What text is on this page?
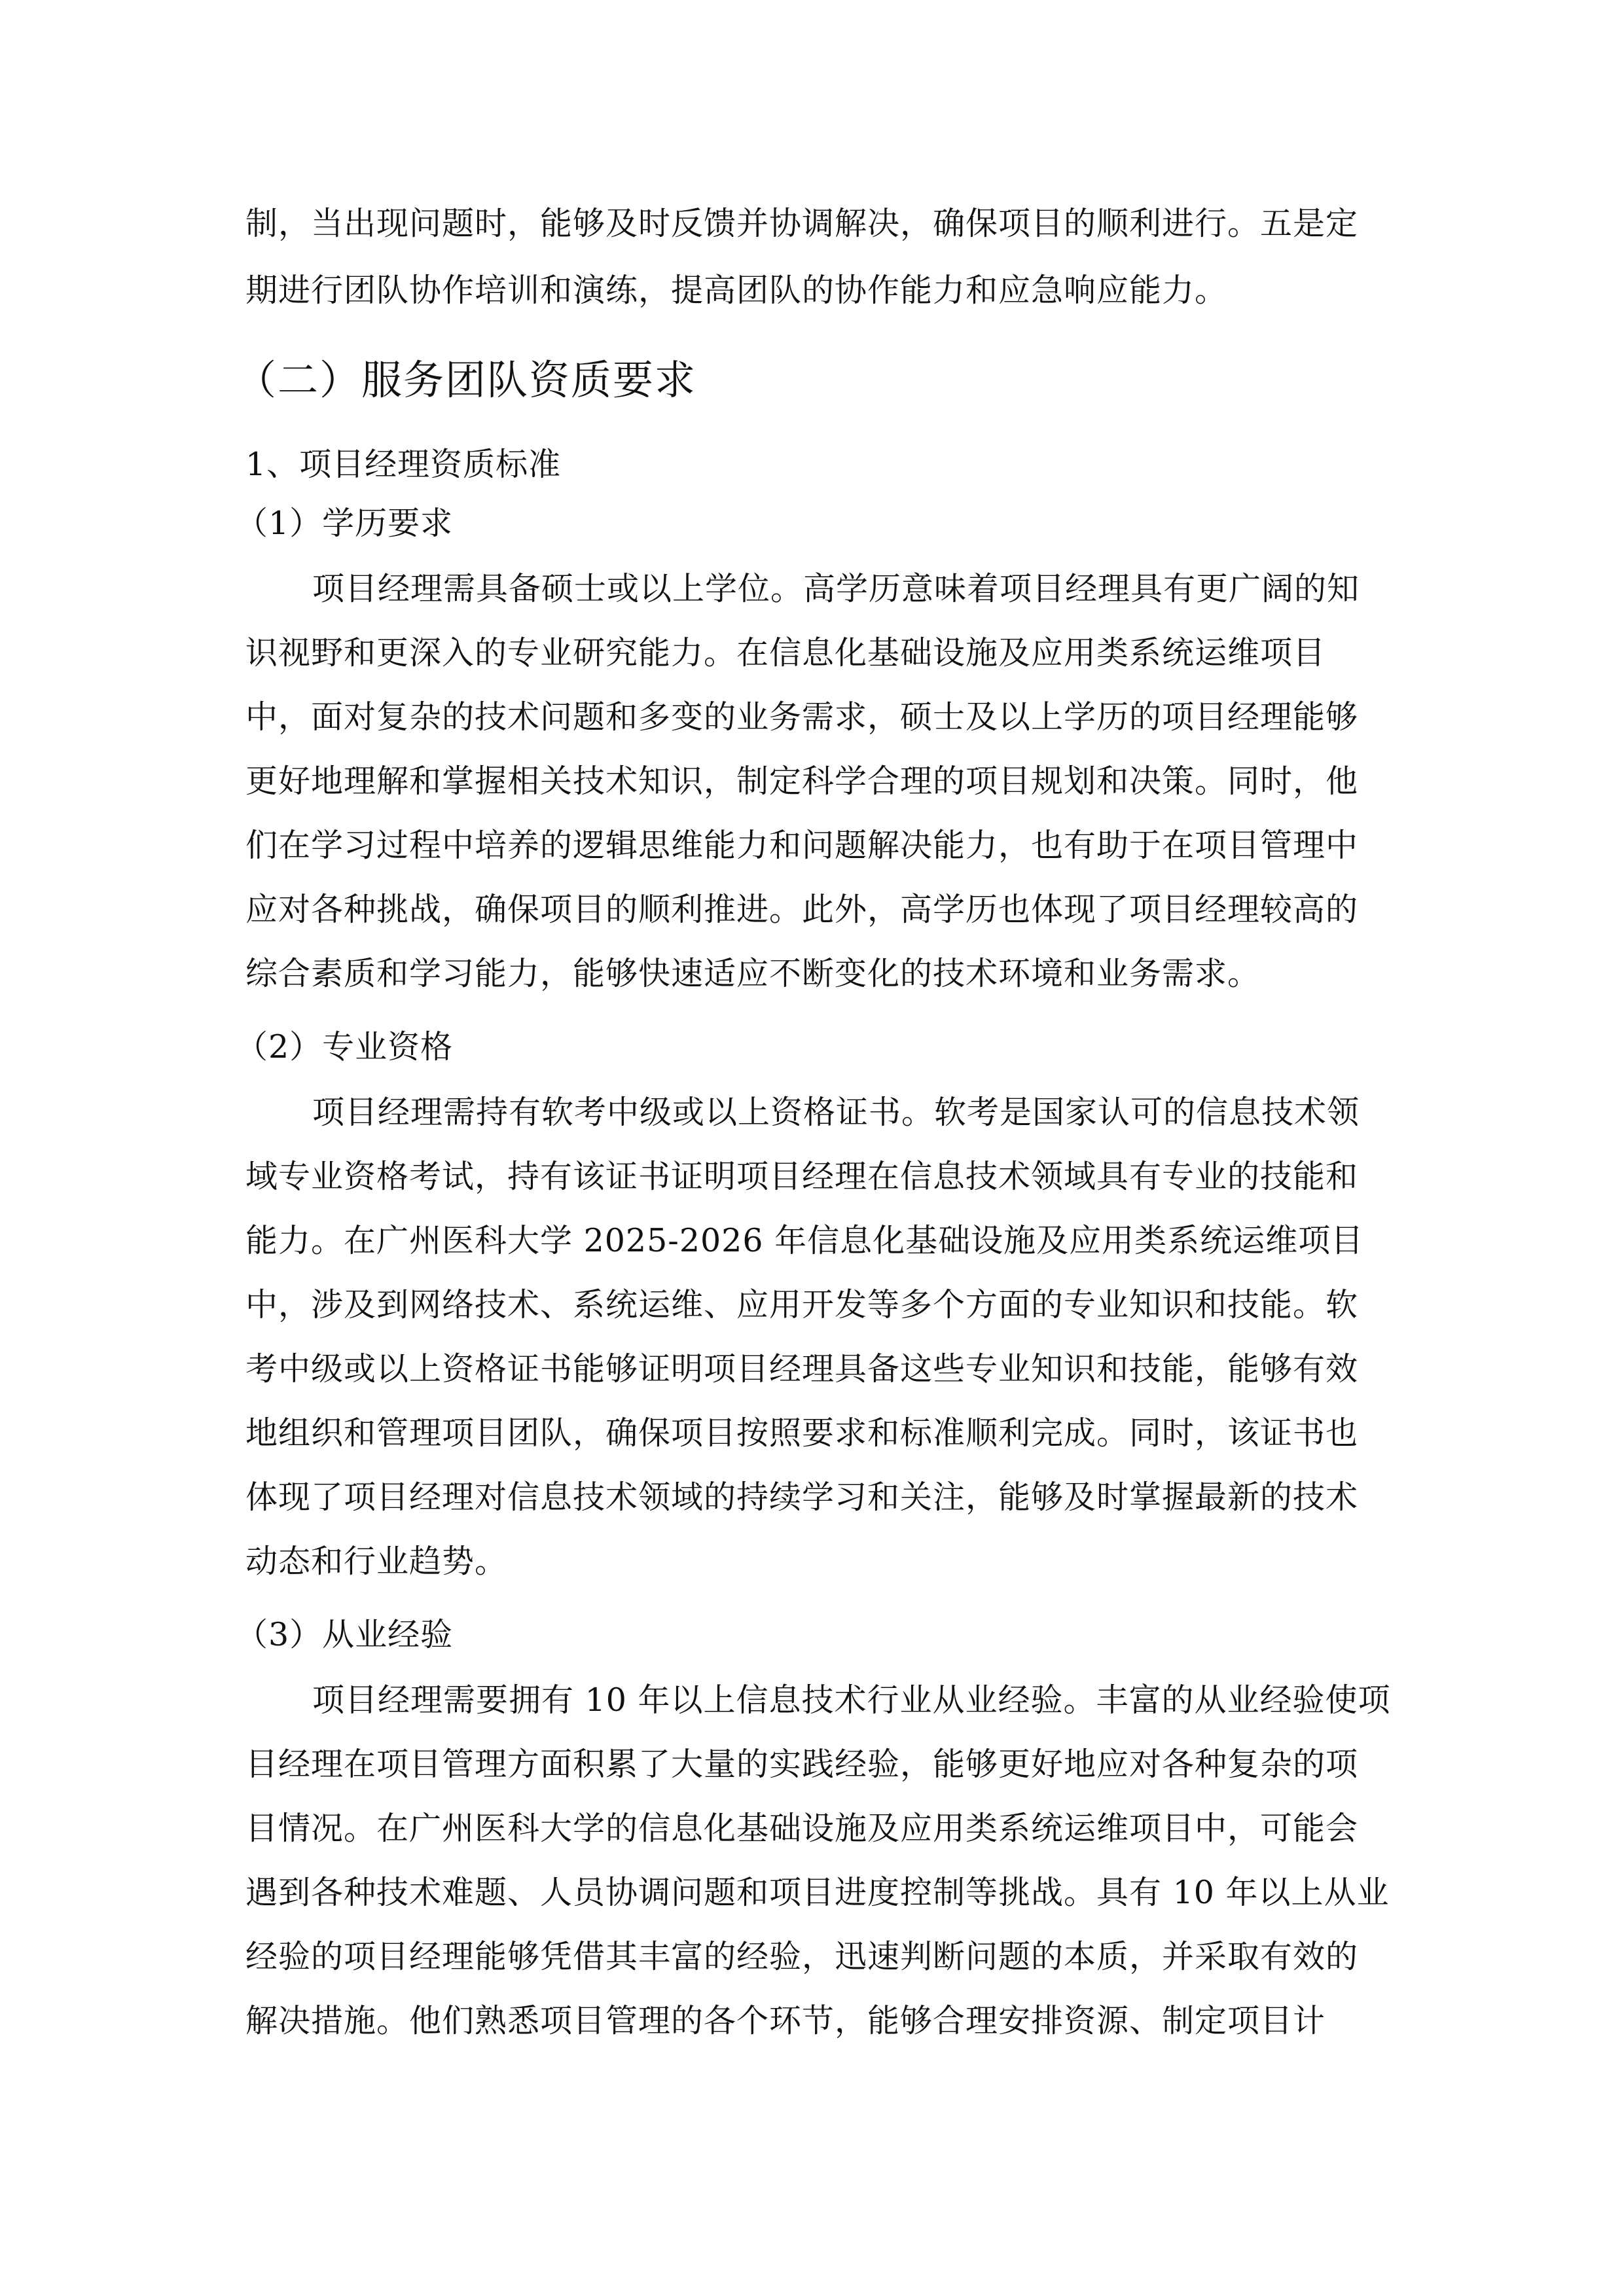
制，当出现问题时，能够及时反馈并协调解决，确保项目的顺利进行。五是定
期进行团队协作培训和演练，提高团队的协作能力和应急响应能力。
（二）服务团队资质要求
1、项目经理资质标准
（1）学历要求
项目经理需具备硕士或以上学位。高学历意味着项目经理具有更广阔的知
识视野和更深入的专业研究能力。在信息化基础设施及应用类系统运维项目
中，面对复杂的技术问题和多变的业务需求，硕士及以上学历的项目经理能够
更好地理解和掌握相关技术知识，制定科学合理的项目规划和决策。同时，他
们在学习过程中培养的逻辑思维能力和问题解决能力，也有助于在项目管理中
应对各种挑战，确保项目的顺利推进。此外，高学历也体现了项目经理较高的
综合素质和学习能力，能够快速适应不断变化的技术环境和业务需求。
（2）专业资格
项目经理需持有软考中级或以上资格证书。软考是国家认可的信息技术领
域专业资格考试，持有该证书证明项目经理在信息技术领域具有专业的技能和
能力。在广州医科大学 2025-2026 年信息化基础设施及应用类系统运维项目
中，涉及到网络技术、系统运维、应用开发等多个方面的专业知识和技能。软
考中级或以上资格证书能够证明项目经理具备这些专业知识和技能，能够有效
地组织和管理项目团队，确保项目按照要求和标准顺利完成。同时，该证书也
体现了项目经理对信息技术领域的持续学习和关注，能够及时掌握最新的技术
动态和行业趋势。
（3）从业经验
项目经理需要拥有 10 年以上信息技术行业从业经验。丰富的从业经验使项
目经理在项目管理方面积累了大量的实践经验，能够更好地应对各种复杂的项
目情况。在广州医科大学的信息化基础设施及应用类系统运维项目中，可能会
遇到各种技术难题、人员协调问题和项目进度控制等挑战。具有 10 年以上从业
经验的项目经理能够凭借其丰富的经验，迅速判断问题的本质，并采取有效的
解决措施。他们熟悉项目管理的各个环节，能够合理安排资源、制定项目计
